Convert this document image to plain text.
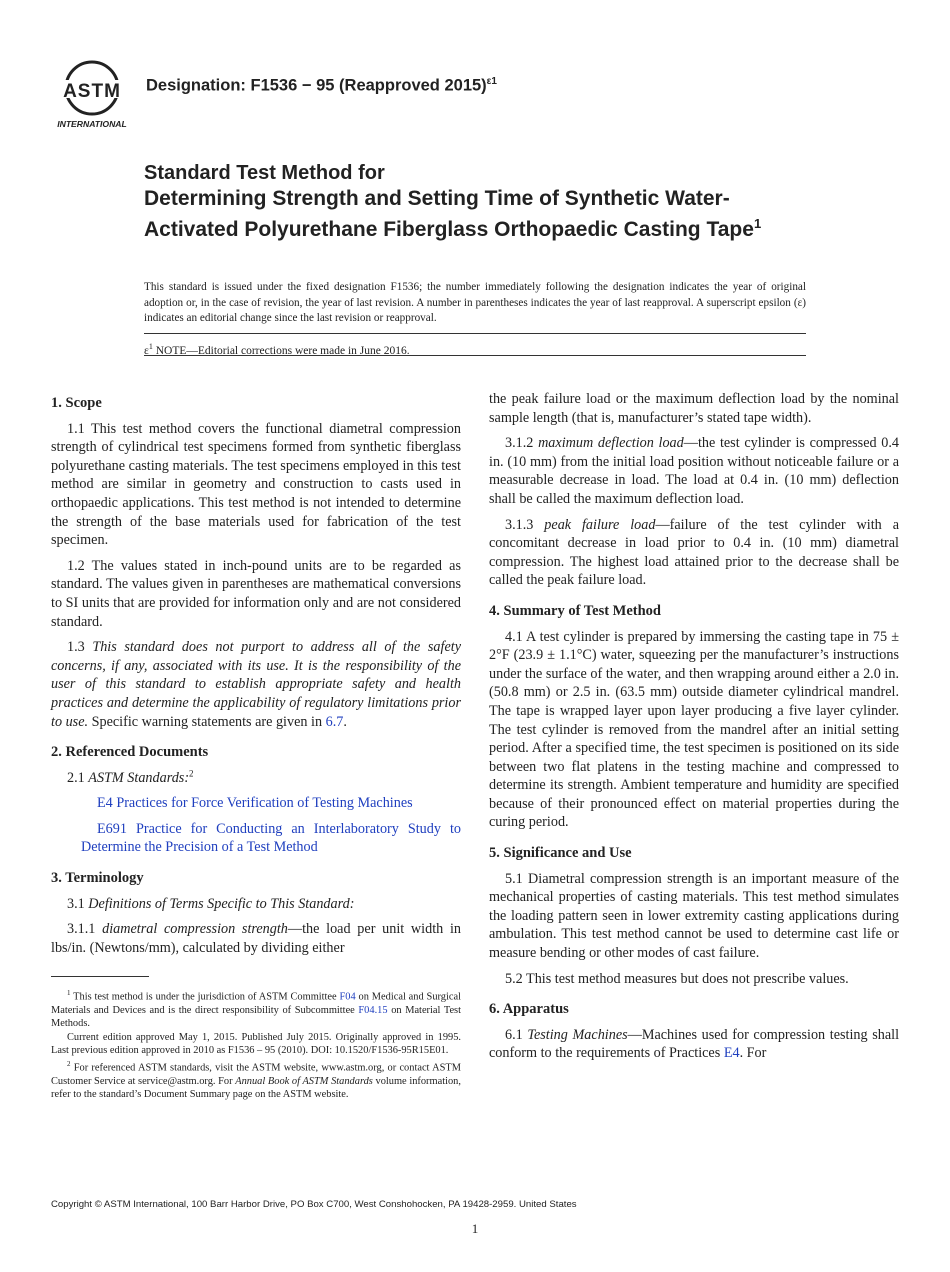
ASTM
INTERNATIONAL
Designation: F1536 − 95 (Reapproved 2015)$^{\varepsilon 1}$
Standard Test Method for
Determining Strength and Setting Time of Synthetic Water-Activated Polyurethane Fiberglass Orthopaedic Casting Tape$^1$
This standard is issued under the fixed designation F1536; the number immediately following the designation indicates the year of original adoption or, in the case of revision, the year of last revision. A number in parentheses indicates the year of last reapproval. A superscript epsilon (ε) indicates an editorial change since the last revision or reapproval.
$\varepsilon^1$ NOTE—Editorial corrections were made in June 2016.
1. Scope

1.1 This test method covers the functional diametral compression strength of cylindrical test specimens formed from synthetic fiberglass polyurethane casting materials. The test specimens employed in this test method are similar in geometry and construction to casts used in orthopaedic applications. This test method is not intended to determine the strength of the base materials used for fabrication of the test specimen.

1.2 The values stated in inch-pound units are to be regarded as standard. The values given in parentheses are mathematical conversions to SI units that are provided for information only and are not considered standard.

1.3 This standard does not purport to address all of the safety concerns, if any, associated with its use. It is the responsibility of the user of this standard to establish appropriate safety and health practices and determine the applicability of regulatory limitations prior to use. Specific warning statements are given in 6.7.

2. Referenced Documents

2.1 ASTM Standards:$^2$

E4 Practices for Force Verification of Testing Machines

E691 Practice for Conducting an Interlaboratory Study to Determine the Precision of a Test Method

3. Terminology

3.1 Definitions of Terms Specific to This Standard:

3.1.1 diametral compression strength—the load per unit width in lbs/in. (Newtons/mm), calculated by dividing either

$^1$ This test method is under the jurisdiction of ASTM Committee F04 on Medical and Surgical Materials and Devices and is the direct responsibility of Subcommittee F04.15 on Material Test Methods.

Current edition approved May 1, 2015. Published July 2015. Originally approved in 1995. Last previous edition approved in 2010 as F1536 – 95 (2010). DOI: 10.1520/F1536-95R15E01.

$^2$ For referenced ASTM standards, visit the ASTM website, www.astm.org, or contact ASTM Customer Service at service@astm.org. For Annual Book of ASTM Standards volume information, refer to the standard’s Document Summary page on the ASTM website.

the peak failure load or the maximum deflection load by the nominal sample length (that is, manufacturer’s stated tape width).

3.1.2 maximum deflection load—the test cylinder is compressed 0.4 in. (10 mm) from the initial load position without noticeable failure or a measurable decrease in load. The load at 0.4 in. (10 mm) deflection shall be called the maximum deflection load.

3.1.3 peak failure load—failure of the test cylinder with a concomitant decrease in load prior to 0.4 in. (10 mm) diametral compression. The highest load attained prior to the decrease shall be called the peak failure load.

4. Summary of Test Method

4.1 A test cylinder is prepared by immersing the casting tape in 75 ± 2°F (23.9 ± 1.1°C) water, squeezing per the manufacturer’s instructions under the surface of the water, and then wrapping around either a 2.0 in. (50.8 mm) or 2.5 in. (63.5 mm) outside diameter cylindrical mandrel. The tape is wrapped layer upon layer producing a five layer cylinder. The test cylinder is removed from the mandrel after an initial setting period. After a specified time, the test specimen is positioned on its side between two flat platens in the testing machine and compressed to determine its strength. Ambient temperature and humidity are specified because of their pronounced effect on material properties during the curing period.

5. Significance and Use

5.1 Diametral compression strength is an important measure of the mechanical properties of casting materials. This test method simulates the loading pattern seen in lower extremity casting applications during ambulation. This test method cannot be used to determine cast life or measure bending or other modes of cast failure.

5.2 This test method measures but does not prescribe values.

6. Apparatus

6.1 Testing Machines—Machines used for compression testing shall conform to the requirements of Practices E4. For

Copyright © ASTM International, 100 Barr Harbor Drive, PO Box C700, West Conshohocken, PA 19428-2959. United States
1
